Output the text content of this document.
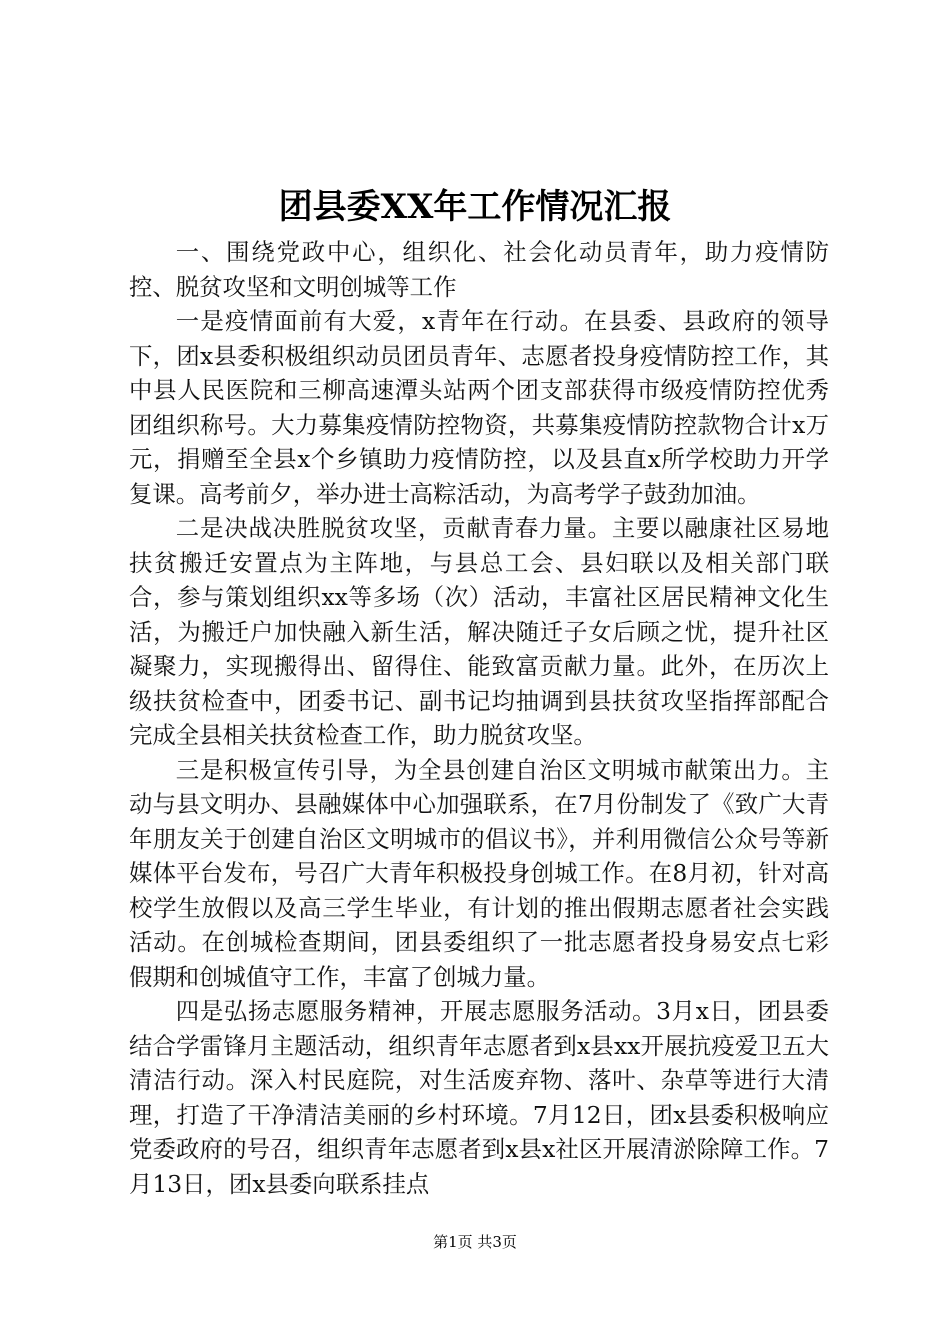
团县委XX年工作情况汇报

一、围绕党政中心，组织化、社会化动员青年，助力疫情防控、脱贫攻坚和文明创城等工作

一是疫情面前有大爱，x青年在行动。在县委、县政府的领导下，团x县委积极组织动员团员青年、志愿者投身疫情防控工作，其中县人民医院和三柳高速潭头站两个团支部获得市级疫情防控优秀团组织称号。大力募集疫情防控物资，共募集疫情防控款物合计x万元，捐赠至全县x个乡镇助力疫情防控，以及县直x所学校助力开学复课。高考前夕，举办进士高粽活动，为高考学子鼓劲加油。

二是决战决胜脱贫攻坚，贡献青春力量。主要以融康社区易地扶贫搬迁安置点为主阵地，与县总工会、县妇联以及相关部门联合，参与策划组织xx等多场（次）活动，丰富社区居民精神文化生活，为搬迁户加快融入新生活，解决随迁子女后顾之忧，提升社区凝聚力，实现搬得出、留得住、能致富贡献力量。此外，在历次上级扶贫检查中，团委书记、副书记均抽调到县扶贫攻坚指挥部配合完成全县相关扶贫检查工作，助力脱贫攻坚。

三是积极宣传引导，为全县创建自治区文明城市献策出力。主动与县文明办、县融媒体中心加强联系，在7月份制发了《致广大青年朋友关于创建自治区文明城市的倡议书》，并利用微信公众号等新媒体平台发布，号召广大青年积极投身创城工作。在8月初，针对高校学生放假以及高三学生毕业，有计划的推出假期志愿者社会实践活动。在创城检查期间，团县委组织了一批志愿者投身易安点七彩假期和创城值守工作，丰富了创城力量。

四是弘扬志愿服务精神，开展志愿服务活动。3月x日，团县委结合学雷锋月主题活动，组织青年志愿者到x县xx开展抗疫爱卫五大清洁行动。深入村民庭院，对生活废弃物、落叶、杂草等进行大清理，打造了干净清洁美丽的乡村环境。7月12日，团x县委积极响应党委政府的号召，组织青年志愿者到x县x社区开展清淤除障工作。7月13日，团x县委向联系挂点

第1页 共3页
